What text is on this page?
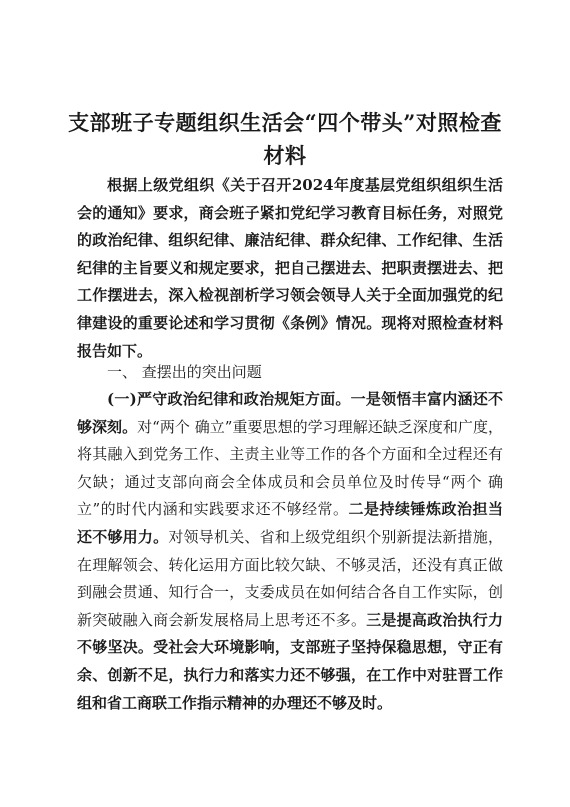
支部班子专题组织生活会“四个带头”对照检查
材料

根据上级党组织《关于召开2024年度基层党组织组织生活会的通知》要求，商会班子紧扣党纪学习教育目标任务，对照党的政治纪律、组织纪律、廉洁纪律、群众纪律、工作纪律、生活纪律的主旨要义和规定要求，把自己摆进去、把职责摆进去、把工作摆进去，深入检视剖析学习领会领导人关于全面加强党的纪律建设的重要论述和学习贯彻《条例》情况。现将对照检查材料报告如下。

一、 查摆出的突出问题

(一)严守政治纪律和政治规矩方面。一是领悟丰富内涵还不够深刻。对“两个 确立”重要思想的学习理解还缺乏深度和广度，将其融入到党务工作、主责主业等工作的各个方面和全过程还有欠缺；通过支部向商会全体成员和会员单位及时传导“两个 确立”的时代内涵和实践要求还不够经常。二是持续锤炼政治担当还不够用力。对领导机关、省和上级党组织个别新提法新措施，在理解领会、转化运用方面比较欠缺、不够灵活，还没有真正做到融会贯通、知行合一，支委成员在如何结合各自工作实际，创新突破融入商会新发展格局上思考还不多。三是提高政治执行力不够坚决。受社会大环境影响，支部班子坚持保稳思想，守正有余、创新不足，执行力和落实力还不够强，在工作中对驻晋工作组和省工商联工作指示精神的办理还不够及时。
